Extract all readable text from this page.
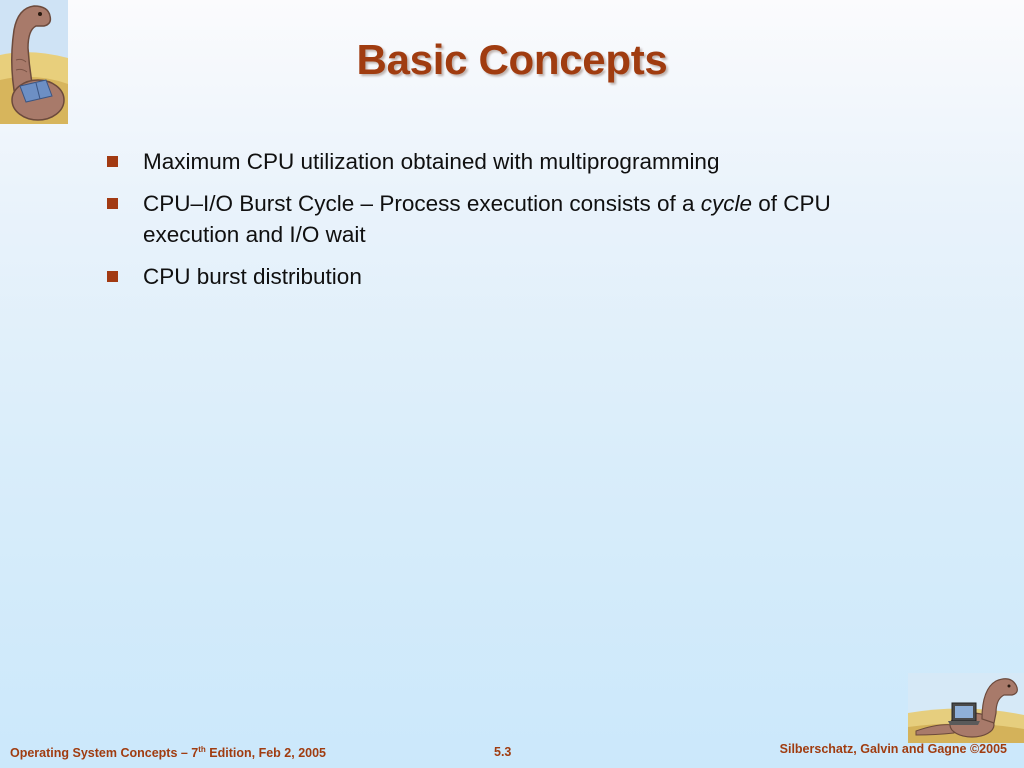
Basic Concepts
Maximum CPU utilization obtained with multiprogramming
CPU–I/O Burst Cycle – Process execution consists of a cycle of CPU execution and I/O wait
CPU burst distribution
Operating System Concepts – 7th Edition, Feb 2, 2005	5.3	Silberschatz, Galvin and Gagne ©2005
